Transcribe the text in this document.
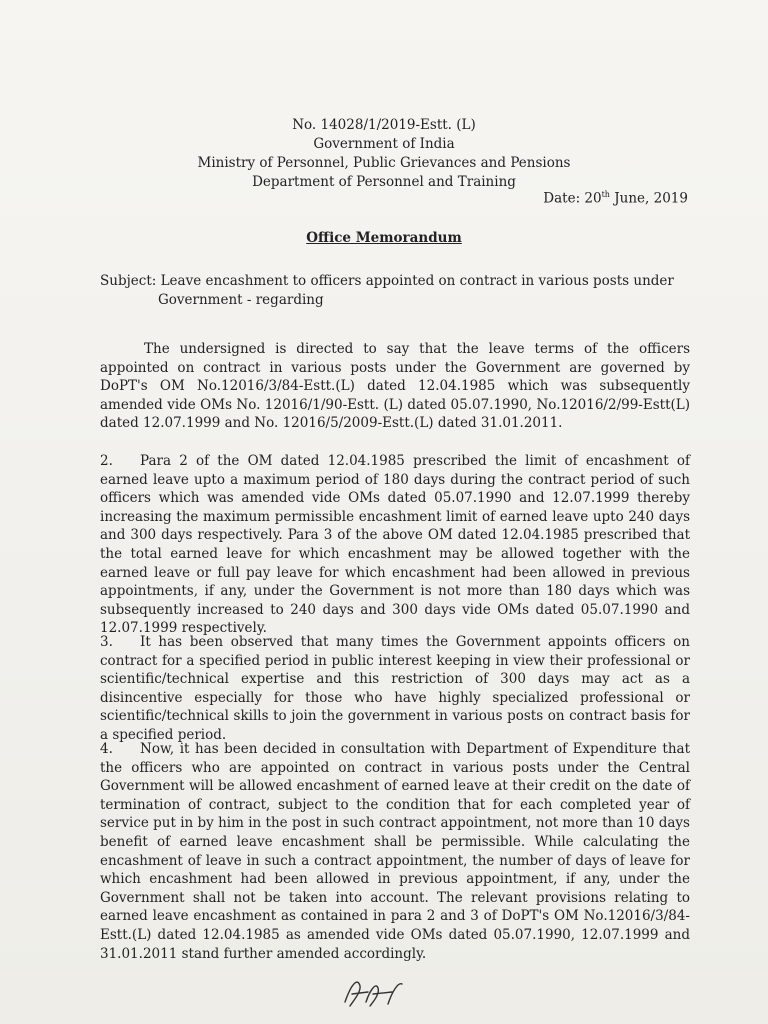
No. 14028/1/2019-Estt. (L)
Government of India
Ministry of Personnel, Public Grievances and Pensions
Department of Personnel and Training
Date: 20th June, 2019
Office Memorandum
Subject: Leave encashment to officers appointed on contract in various posts under
Government - regarding
The undersigned is directed to say that the leave terms of the officers appointed on contract in various posts under the Government are governed by DoPT's OM No.12016/3/84-Estt.(L) dated 12.04.1985 which was subsequently amended vide OMs No. 12016/1/90-Estt. (L) dated 05.07.1990, No.12016/2/99-Estt(L) dated 12.07.1999 and No. 12016/5/2009-Estt.(L) dated 31.01.2011.
2. Para 2 of the OM dated 12.04.1985 prescribed the limit of encashment of earned leave upto a maximum period of 180 days during the contract period of such officers which was amended vide OMs dated 05.07.1990 and 12.07.1999 thereby increasing the maximum permissible encashment limit of earned leave upto 240 days and 300 days respectively. Para 3 of the above OM dated 12.04.1985 prescribed that the total earned leave for which encashment may be allowed together with the earned leave or full pay leave for which encashment had been allowed in previous appointments, if any, under the Government is not more than 180 days which was subsequently increased to 240 days and 300 days vide OMs dated 05.07.1990 and 12.07.1999 respectively.
3. It has been observed that many times the Government appoints officers on contract for a specified period in public interest keeping in view their professional or scientific/technical expertise and this restriction of 300 days may act as a disincentive especially for those who have highly specialized professional or scientific/technical skills to join the government in various posts on contract basis for a specified period.
4. Now, it has been decided in consultation with Department of Expenditure that the officers who are appointed on contract in various posts under the Central Government will be allowed encashment of earned leave at their credit on the date of termination of contract, subject to the condition that for each completed year of service put in by him in the post in such contract appointment, not more than 10 days benefit of earned leave encashment shall be permissible. While calculating the encashment of leave in such a contract appointment, the number of days of leave for which encashment had been allowed in previous appointment, if any, under the Government shall not be taken into account. The relevant provisions relating to earned leave encashment as contained in para 2 and 3 of DoPT's OM No.12016/3/84-Estt.(L) dated 12.04.1985 as amended vide OMs dated 05.07.1990, 12.07.1999 and 31.01.2011 stand further amended accordingly.
